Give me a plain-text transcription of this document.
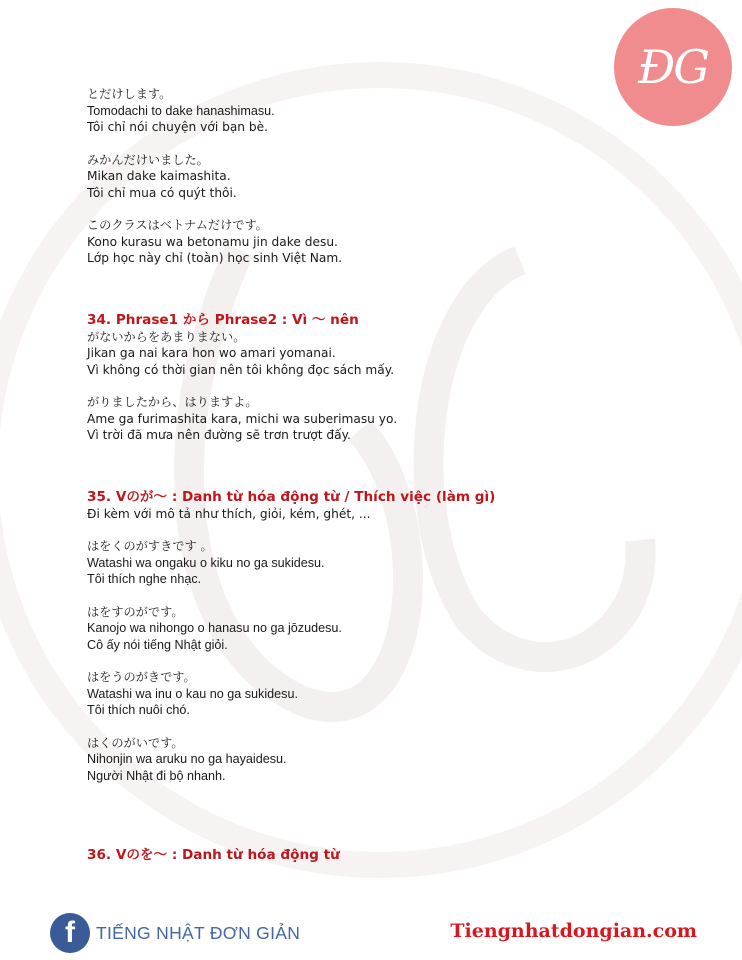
ĐG
とだけします。
Tomodachi to dake hanashimasu.
Tôi chỉ nói chuyện với bạn bè.
みかんだけいました。
Mikan dake kaimashita.
Tôi chỉ mua có quýt thôi.
このクラスはベトナムだけです。
Kono kurasu wa betonamu jin dake desu.
Lớp học này chỉ (toàn) học sinh Việt Nam.
34. Phrase1 から Phrase2 : Vì ～ nên
がないからをあまりまない。
Jikan ga nai kara hon wo amari yomanai.
Vì không có thời gian nên tôi không đọc sách mấy.
がりましたから、はりますよ。
Ame ga furimashita kara, michi wa suberimasu yo.
Vì trời đã mưa nên đường sẽ trơn trượt đấy.
35. Vのが～ : Danh từ hóa động từ / Thích việc (làm gì)
Đi kèm với mô tả như thích, giỏi, kém, ghét, ...
はをくのがすきです 。
Watashi wa ongaku o kiku no ga sukidesu.
Tôi thích nghe nhạc.
はをすのがです。
Kanojo wa nihongo o hanasu no ga jōzudesu.
Cô ấy nói tiếng Nhật giỏi.
はをうのがきです。
Watashi wa inu o kau no ga sukidesu.
Tôi thích nuôi chó.
はくのがいです。
Nihonjin wa aruku no ga hayaidesu.
Người Nhật đi bộ nhanh.
36. Vのを～ : Danh từ hóa động từ
f	TIẾNG NHẬT ĐƠN GIẢN	Tiengnhatdongian.com
